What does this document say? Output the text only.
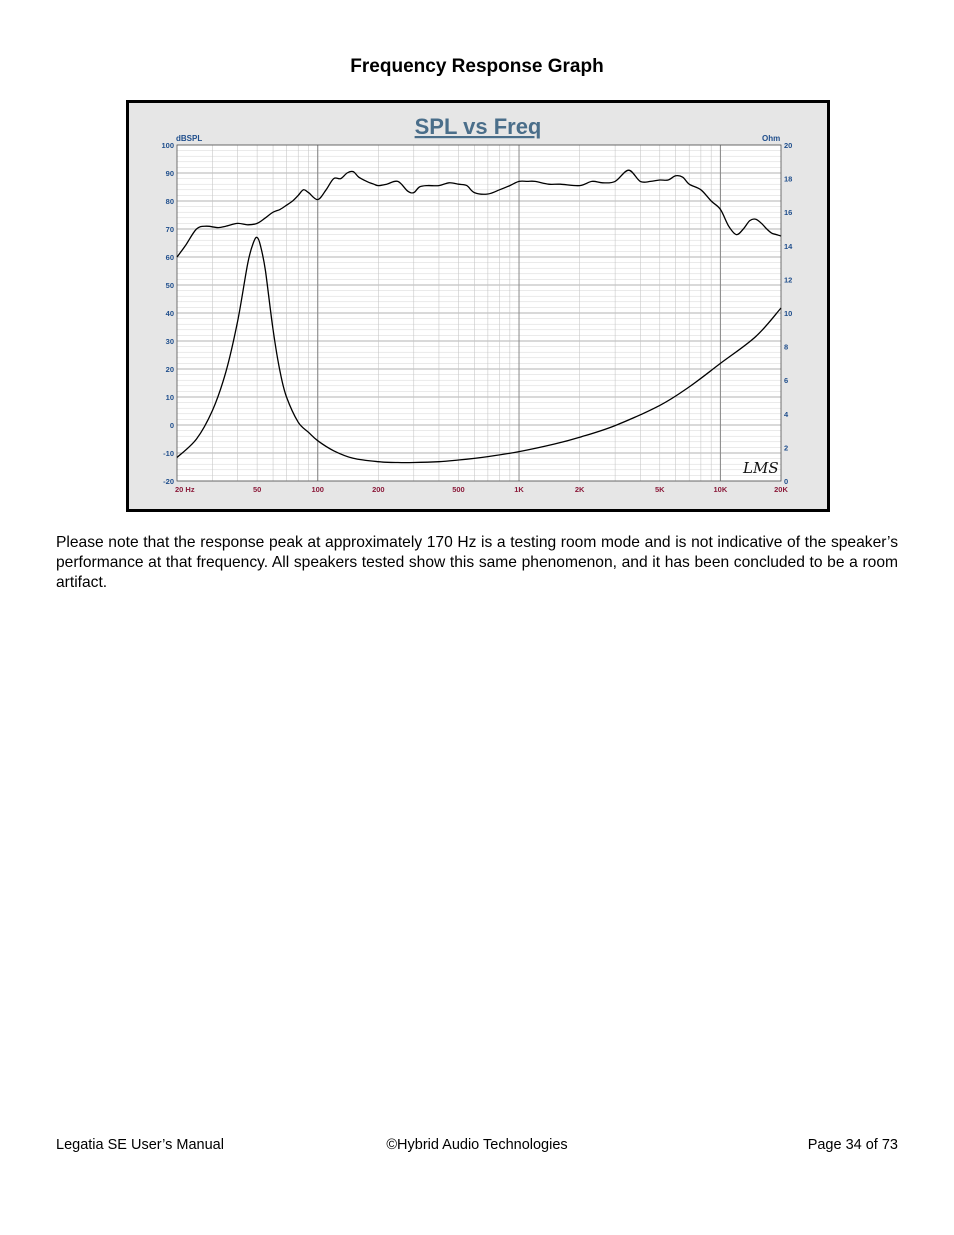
Frequency Response Graph
SPL vs Freq
dBSPL	Ohm
-20
-10
0
10
20
30
40
50
60
70
80
90
100
0
2
4
6
8
10
12
14
16
18
20
20 Hz	50	100	200	500	1K	2K	5K	10K	20K
LMS
Please note that the response peak at approximately 170 Hz is a testing room mode and is not indicative of the speaker’s performance at that frequency. All speakers tested show this same phenomenon, and it has been concluded to be a room artifact.
Legatia SE User’s Manual	©Hybrid Audio Technologies	Page 34 of 73
